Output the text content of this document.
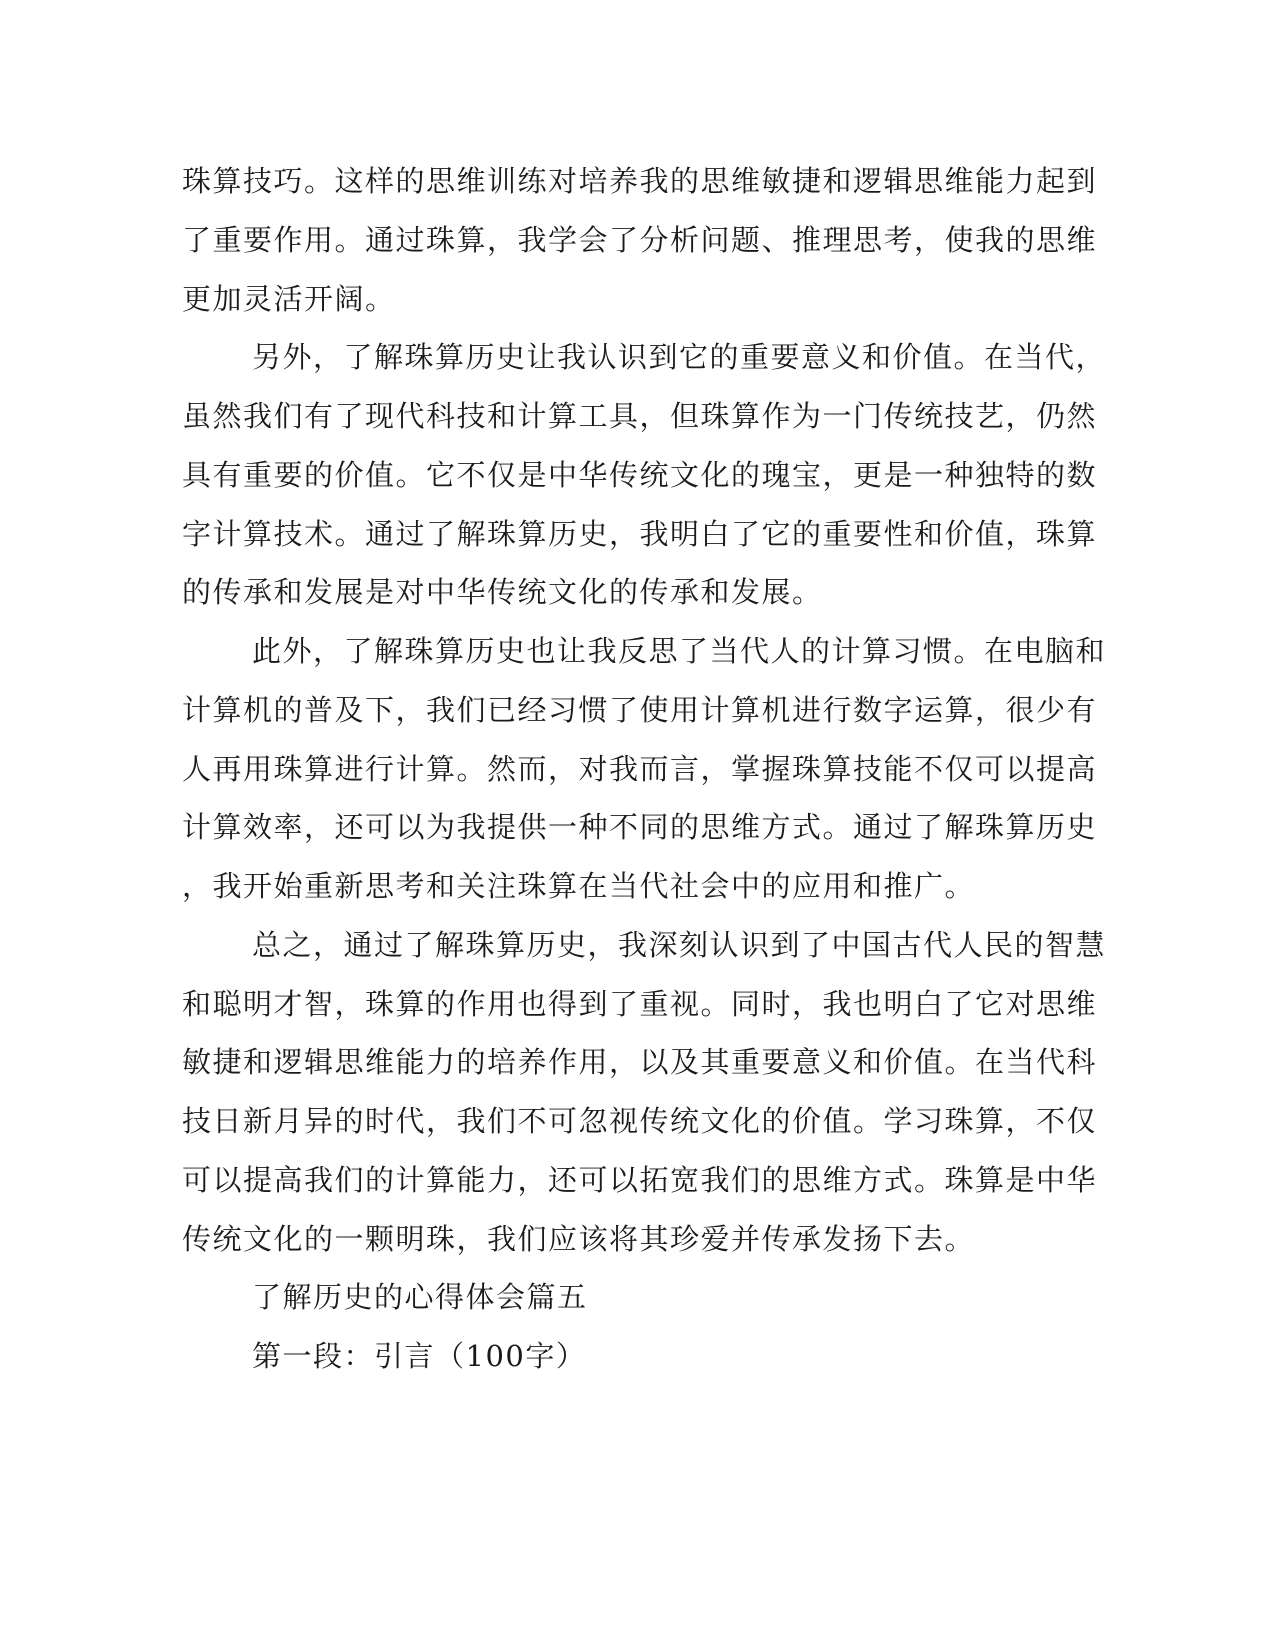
珠算技巧。这样的思维训练对培养我的思维敏捷和逻辑思维能力起到
了重要作用。通过珠算，我学会了分析问题、推理思考，使我的思维
更加灵活开阔。
另外，了解珠算历史让我认识到它的重要意义和价值。在当代，
虽然我们有了现代科技和计算工具，但珠算作为一门传统技艺，仍然
具有重要的价值。它不仅是中华传统文化的瑰宝，更是一种独特的数
字计算技术。通过了解珠算历史，我明白了它的重要性和价值，珠算
的传承和发展是对中华传统文化的传承和发展。
此外，了解珠算历史也让我反思了当代人的计算习惯。在电脑和
计算机的普及下，我们已经习惯了使用计算机进行数字运算，很少有
人再用珠算进行计算。然而，对我而言，掌握珠算技能不仅可以提高
计算效率，还可以为我提供一种不同的思维方式。通过了解珠算历史
，我开始重新思考和关注珠算在当代社会中的应用和推广。
总之，通过了解珠算历史，我深刻认识到了中国古代人民的智慧
和聪明才智，珠算的作用也得到了重视。同时，我也明白了它对思维
敏捷和逻辑思维能力的培养作用，以及其重要意义和价值。在当代科
技日新月异的时代，我们不可忽视传统文化的价值。学习珠算，不仅
可以提高我们的计算能力，还可以拓宽我们的思维方式。珠算是中华
传统文化的一颗明珠，我们应该将其珍爱并传承发扬下去。
了解历史的心得体会篇五
第一段：引言（100字）
